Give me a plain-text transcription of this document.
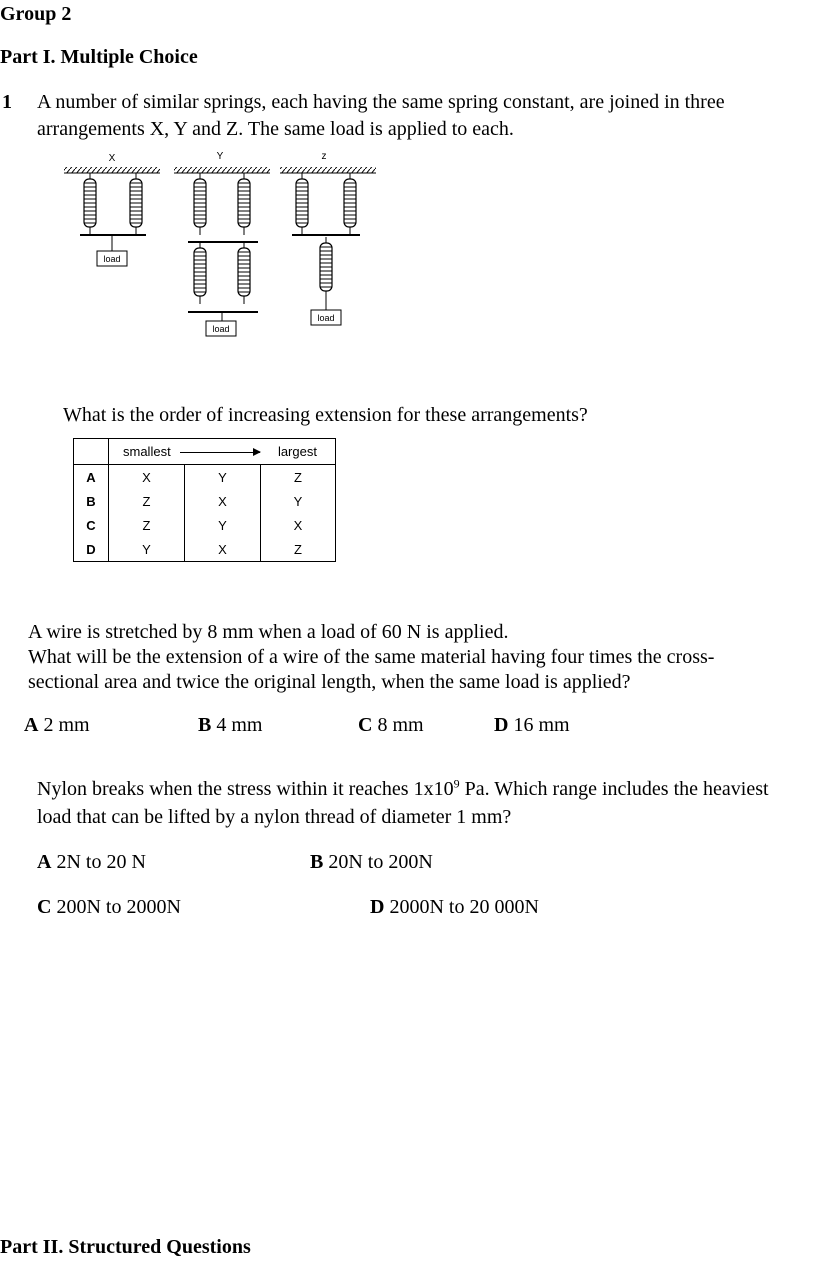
Group 2
Part I. Multiple Choice
1 A number of similar springs, each having the same spring constant, are joined in three
arrangements X, Y and Z. The same load is applied to each.
X	Y	z
load
load
load
What is the order of increasing extension for these arrangements?
	smallest largest		
A	X	Y	Z
B	Z	X	Y
C	Z	Y	X
D	Y	X	Z
A wire is stretched by 8 mm when a load of 60 N is applied.
What will be the extension of a wire of the same material having four times the cross-
sectional area and twice the original length, when the same load is applied?
A 2 mm	B 4 mm	C 8 mm	D 16 mm
Nylon breaks when the stress within it reaches $1x10^9$ Pa. Which range includes the heaviest
load that can be lifted by a nylon thread of diameter 1 mm?
A 2N to 20 N	B 20N to 200N
C 200N to 2000N	D 2000N to 20 000N
Part II. Structured Questions
